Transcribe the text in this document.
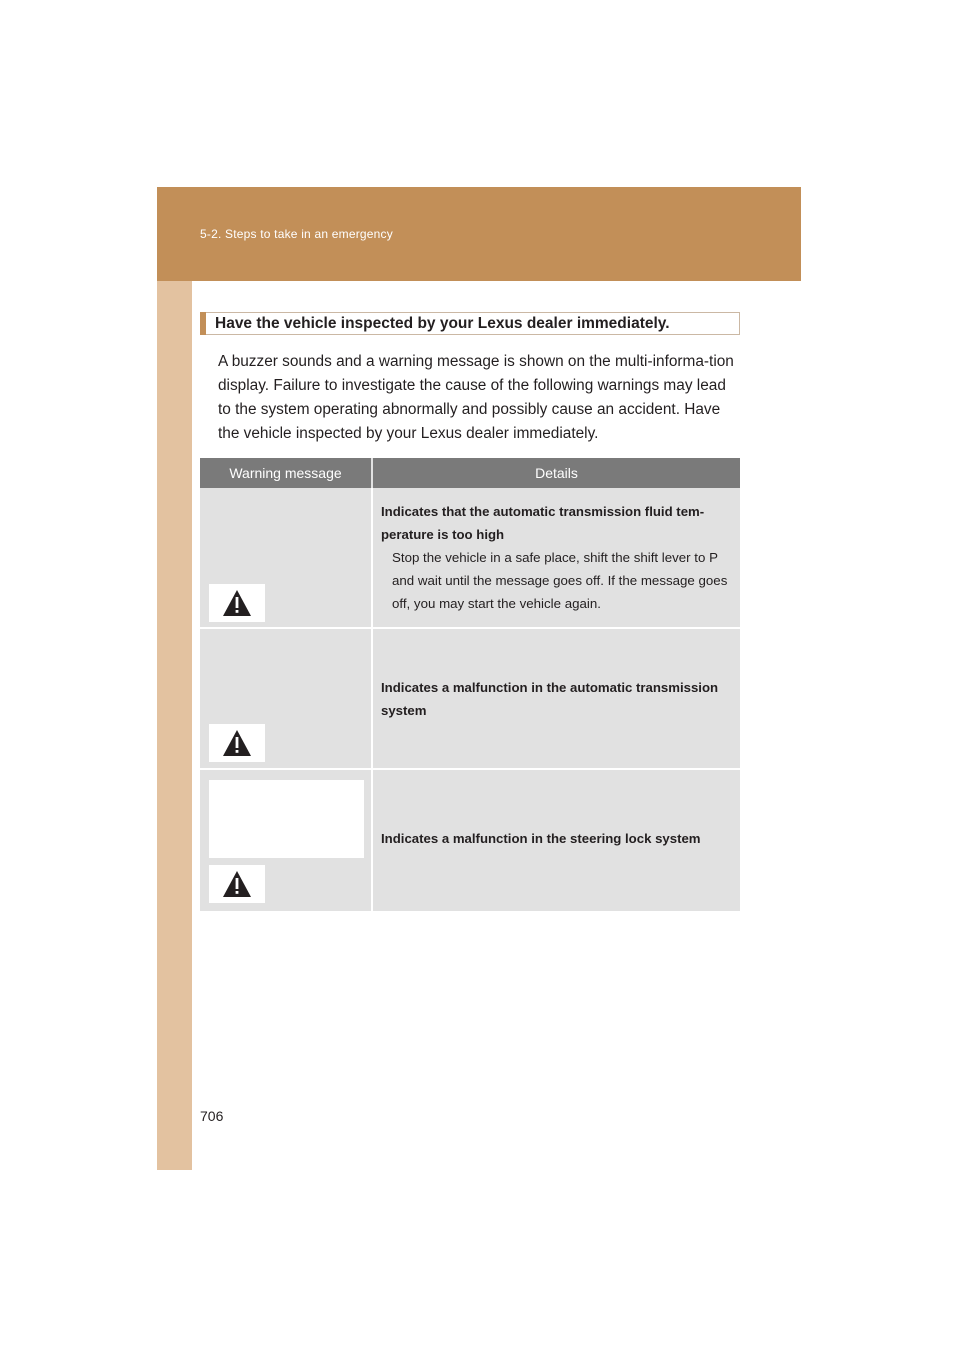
5-2. Steps to take in an emergency
Have the vehicle inspected by your Lexus dealer immediately.
A buzzer sounds and a warning message is shown on the multi-informa-tion display. Failure to investigate the cause of the following warnings may lead to the system operating abnormally and possibly cause an accident. Have the vehicle inspected by your Lexus dealer immediately.
Warning message	Details
Indicates that the automatic transmission fluid tem-perature is too high
Stop the vehicle in a safe place, shift the shift lever to P and wait until the message goes off. If the message goes off, you may start the vehicle again.
Indicates a malfunction in the automatic transmission system
Indicates a malfunction in the steering lock system
706
